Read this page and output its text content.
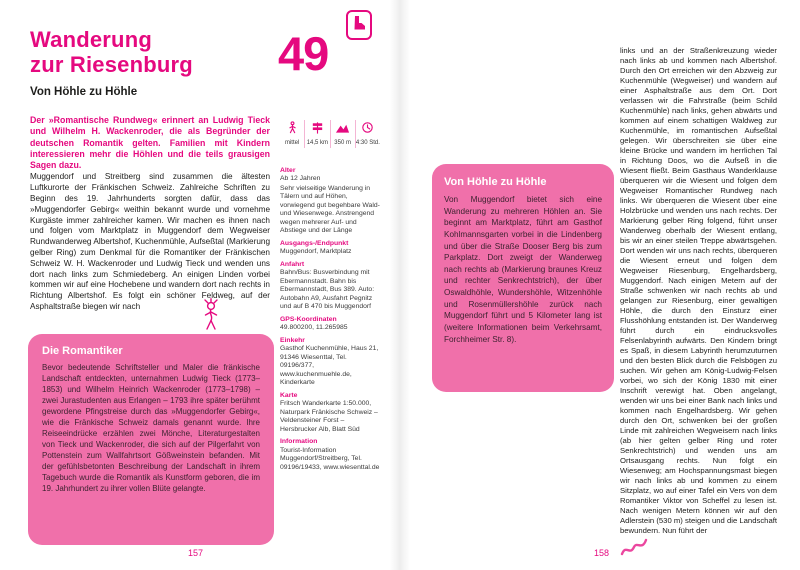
Wanderung
zur Riesenburg
Von Höhle zu Höhle
49

Der »Romantische Rundweg« erinnert an Ludwig Tieck und Wilhelm H. Wackenroder, die als Begründer der deutschen Romantik gelten. Familien mit Kindern interessieren mehr die Höhlen und die teils grausigen Sagen dazu.

Muggendorf und Streitberg sind zusammen die ältesten Luftkurorte der Fränkischen Schweiz. Zahlreiche Schriften zu Beginn des 19. Jahrhunderts sorgten dafür, dass das »Muggendorfer Gebirg« weithin bekannt wurde und vornehme Kurgäste immer zahlreicher kamen. Wir machen es ihnen nach und folgen vom Marktplatz in Muggendorf dem Wegweiser Rundwanderweg Albertshof, Kuchenmühle, Aufseßtal (Markierung gelber Ring) zum Denkmal für die Romantiker der Fränkischen Schweiz W. H. Wackenroder und Ludwig Tieck und wenden uns dort nach links zum Schmiedeberg. An einigen Linden vorbei kommen wir auf eine Hochebene und wandern dort nach rechts in Richtung Albertshof. Es folgt ein schöner Feldweg, auf der Asphaltstraße biegen wir nach

Die Romantiker

Bevor bedeutende Schriftsteller und Maler die fränkische Landschaft entdeckten, unternahmen Ludwig Tieck (1773–1853) und Wilhelm Heinrich Wackenroder (1773–1798) – zwei Jurastudenten aus Erlangen – 1793 ihre später berühmt gewordene Pfingstreise durch das »Muggendorfer Gebirg«, wie die Fränkische Schweiz damals genannt wurde. Ihre Reiseeindrücke erzählen zwei Mönche, Literaturgestalten von Tieck und Wackenroder, die sich auf der Pilgerfahrt von Pottenstein zum Wallfahrtsort Gößweinstein befanden. Mit der gefühlsbetonten Beschreibung der Landschaft in ihrem Tagebuch wurde die Romantik als Kunstform geboren, die im 19. Jahrhundert zu ihrer vollen Blüte gelangte.

mittel	14,5 km	350 m 4:30 Std.
Alter
Ab 12 Jahren
Sehr vielseitige Wanderung in Tälern und auf Höhen, vorwiegend gut begehbare Wald- und Wiesenwege. Anstrengend wegen mehrerer Auf- und Abstiege und der Länge
Ausgangs-/Endpunkt
Muggendorf, Marktplatz
Anfahrt
Bahn/Bus: Busverbindung mit Ebermannstadt. Bahn bis Ebermannstadt, Bus 389. Auto: Autobahn A9, Ausfahrt Pegnitz und auf B 470 bis Muggendorf
GPS-Koordinaten
49.800200, 11.265985
Einkehr
Gasthof Kuchenmühle, Haus 21, 91346 Wiesenttal, Tel. 09196/377, www.kuchenmuehle.de, Kinderkarte
Karte
Fritsch Wanderkarte 1:50.000, Naturpark Fränkische Schweiz – Veldensteiner Forst – Hersbrucker Alb, Blatt Süd
Information
Tourist-Information Muggendorf/Streitberg, Tel. 09196/19433, www.wiesenttal.de
157
Von Höhle zu Höhle

Von Muggendorf bietet sich eine Wanderung zu mehreren Höhlen an. Sie beginnt am Marktplatz, führt am Gasthof Kohlmannsgarten vorbei in die Lindenberg und über die Straße Dooser Berg bis zum Parkplatz. Dort zweigt der Wanderweg nach rechts ab (Markierung braunes Kreuz und rechter Senkrechtstrich), der über Oswaldhöhle, Wundershöhle, Witzenhöhle und Rosenmüllershöhle zurück nach Muggendorf führt und 5 Kilometer lang ist (weitere Informationen beim Verkehrsamt, Forchheimer Str. 8).

links und an der Straßenkreuzung wieder nach links ab und kommen nach Albertshof. Durch den Ort erreichen wir den Abzweig zur Kuchenmühle (Wegweiser) und wandern auf einer Asphaltstraße aus dem Ort. Dort verlassen wir die Fahrstraße (beim Schild Kuchenmühle) nach links, gehen abwärts und kommen auf einem schattigen Waldweg zur Kuchenmühle, im romantischen Aufseßtal gelegen. Wir überschreiten sie über eine kleine Brücke und wandern im herrlichen Tal in Richtung Doos, wo die Aufseß in die Wiesent fließt. Beim Gasthaus Wanderklause überqueren wir die Wiesent und folgen dem Wegweiser Romantischer Rundweg nach links. Wir überqueren die Wiesent über eine Holzbrücke und wenden uns nach rechts. Der Markierung gelber Ring folgend, führt unser Wanderweg oberhalb der Wiesent entlang, bis wir an einer steilen Treppe abwärtsgehen. Dort wenden wir uns nach rechts, überqueren die Wiesent erneut und folgen dem Wegweiser Riesenburg, Engelhardsberg, Muggendorf. Nach einigen Metern auf der Straße schwenken wir nach rechts ab und gelangen zur Riesenburg, einer gewaltigen Höhle, die durch den Einsturz einer Flusshöhlung entstanden ist. Der Wanderweg führt durch ein eindrucksvolles Felsenlabyrinth aufwärts. Den Kindern bringt es Spaß, in diesem Labyrinth herumzuturnen und den besten Blick durch die Felsbögen zu suchen. Wir gehen am König-Ludwig-Felsen vorbei, wo sich der König 1830 mit einer Inschrift verewigt hat. Oben angelangt, wenden wir uns bei einer Bank nach links und kommen nach Engelhardsberg. Wir gehen durch den Ort, schwenken bei der großen Linde mit zahlreichen Wegweisern nach links (ab hier gelten gelber Ring und roter Senkrechtstrich) und wenden uns am Ortsausgang rechts. Nun folgt ein Wiesenweg; am Hochspannungsmast biegen wir nach links ab und kommen zu einem Sitzplatz, wo auf einer Tafel ein Vers von dem Romantiker Viktor von Scheffel zu lesen ist. Nach wenigen Metern können wir auf den Adlerstein (530 m) steigen und die Landschaft bewundern. Nun führt der

158
